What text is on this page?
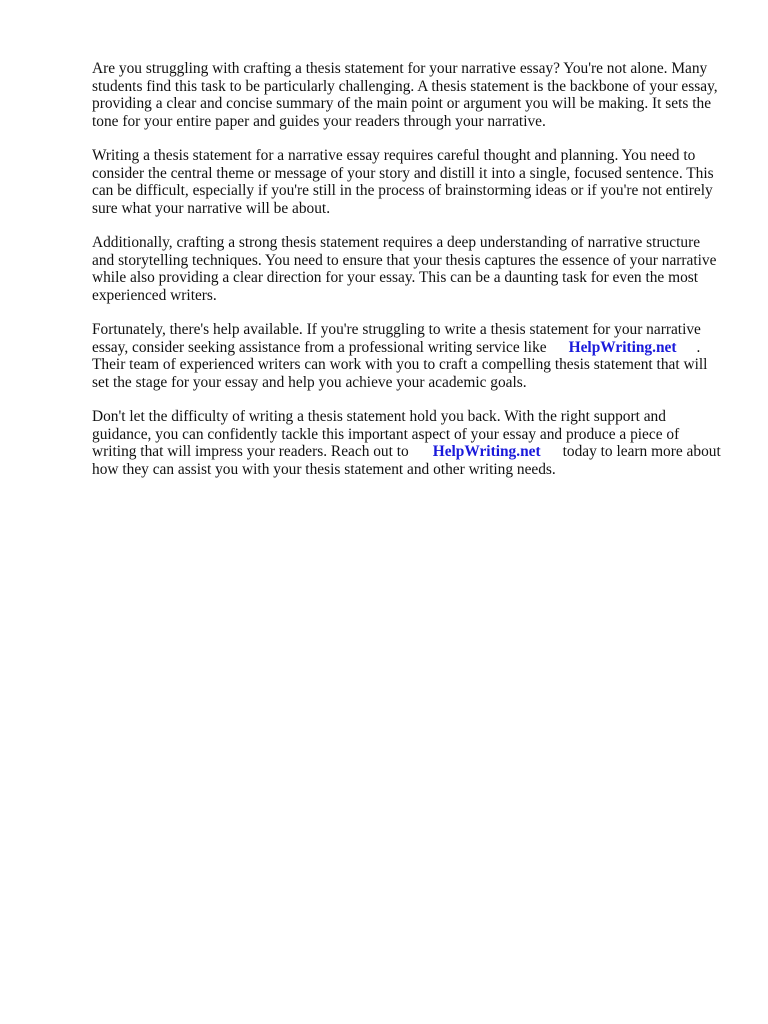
Are you struggling with crafting a thesis statement for your narrative essay? You're not alone. Many students find this task to be particularly challenging. A thesis statement is the backbone of your essay, providing a clear and concise summary of the main point or argument you will be making. It sets the tone for your entire paper and guides your readers through your narrative.

Writing a thesis statement for a narrative essay requires careful thought and planning. You need to consider the central theme or message of your story and distill it into a single, focused sentence. This can be difficult, especially if you're still in the process of brainstorming ideas or if you're not entirely sure what your narrative will be about.

Additionally, crafting a strong thesis statement requires a deep understanding of narrative structure and storytelling techniques. You need to ensure that your thesis captures the essence of your narrative while also providing a clear direction for your essay. This can be a daunting task for even the most experienced writers.

Fortunately, there's help available. If you're struggling to write a thesis statement for your narrative essay, consider seeking assistance from a professional writing service like HelpWriting.net . Their team of experienced writers can work with you to craft a compelling thesis statement that will set the stage for your essay and help you achieve your academic goals.

Don't let the difficulty of writing a thesis statement hold you back. With the right support and guidance, you can confidently tackle this important aspect of your essay and produce a piece of writing that will impress your readers. Reach out to HelpWriting.net today to learn more about how they can assist you with your thesis statement and other writing needs.
